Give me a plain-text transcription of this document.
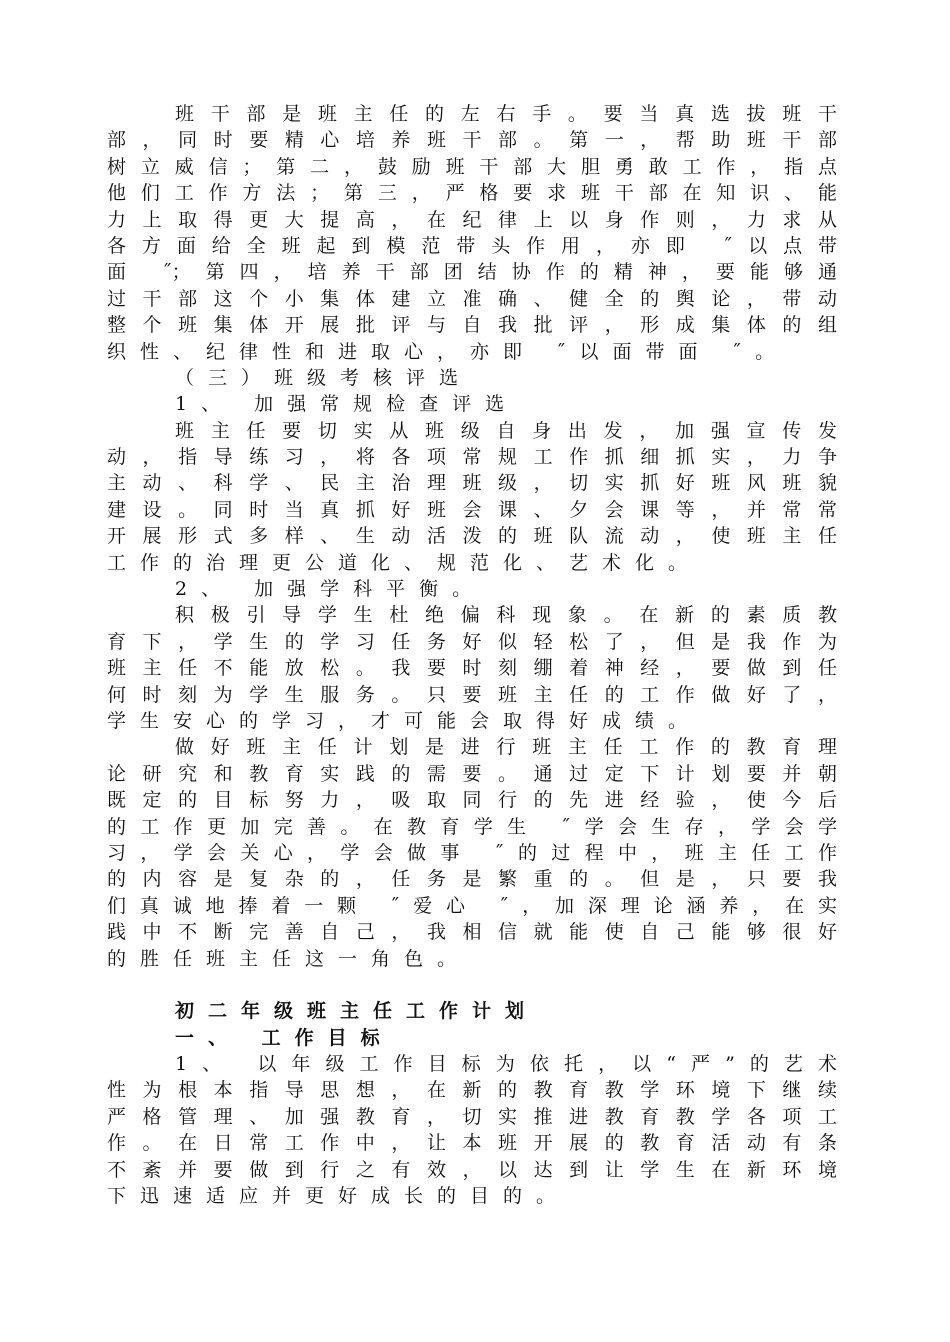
班干部是班主任的左右手。要当真选拔班干
部，同时要精心培养班干部。第一，帮助班干部
树立威信；第二，鼓励班干部大胆勇敢工作，指点
他们工作方法；第三，严格要求班干部在知识、能
力上取得更大提高，在纪律上以身作则，力求从
各方面给全班起到模范带头作用，亦即 ˝以点带
面 ˝；第四，培养干部团结协作的精神，要能够通
过干部这个小集体建立准确、健全的舆论，带动
整个班集体开展批评与自我批评，形成集体的组
织性、纪律性和进取心，亦即 ˝以面带面 ˝。
（三）班级考核评选
1、 加强常规检查评选
班主任要切实从班级自身出发，加强宣传发
动，指导练习，将各项常规工作抓细抓实，力争
主动、科学、民主治理班级，切实抓好班风班貌
建设。同时当真抓好班会课、夕会课等，并常常
开展形式多样、生动活泼的班队流动，使班主任
工作的治理更公道化、规范化、艺术化。
2、 加强学科平衡。
积极引导学生杜绝偏科现象。在新的素质教
育下，学生的学习任务好似轻松了，但是我作为
班主任不能放松。我要时刻绷着神经，要做到任
何时刻为学生服务。只要班主任的工作做好了，
学生安心的学习，才可能会取得好成绩。
做好班主任计划是进行班主任工作的教育理
论研究和教育实践的需要。通过定下计划要并朝
既定的目标努力，吸取同行的先进经验，使今后
的工作更加完善。在教育学生 ˝学会生存，学会学
习，学会关心，学会做事 ˝的过程中，班主任工作
的内容是复杂的，任务是繁重的。但是，只要我
们真诚地捧着一颗 ˝爱心 ˝，加深理论涵养，在实
践中不断完善自己，我相信就能使自己能够很好
的胜任班主任这一角色。
初二年级班主任工作计划
一、 工作目标
1、 以年级工作目标为依托，以“严”的艺术
性为根本指导思想，在新的教育教学环境下继续
严格管理、加强教育，切实推进教育教学各项工
作。在日常工作中，让本班开展的教育活动有条
不紊并要做到行之有效，以达到让学生在新环境
下迅速适应并更好成长的目的。
